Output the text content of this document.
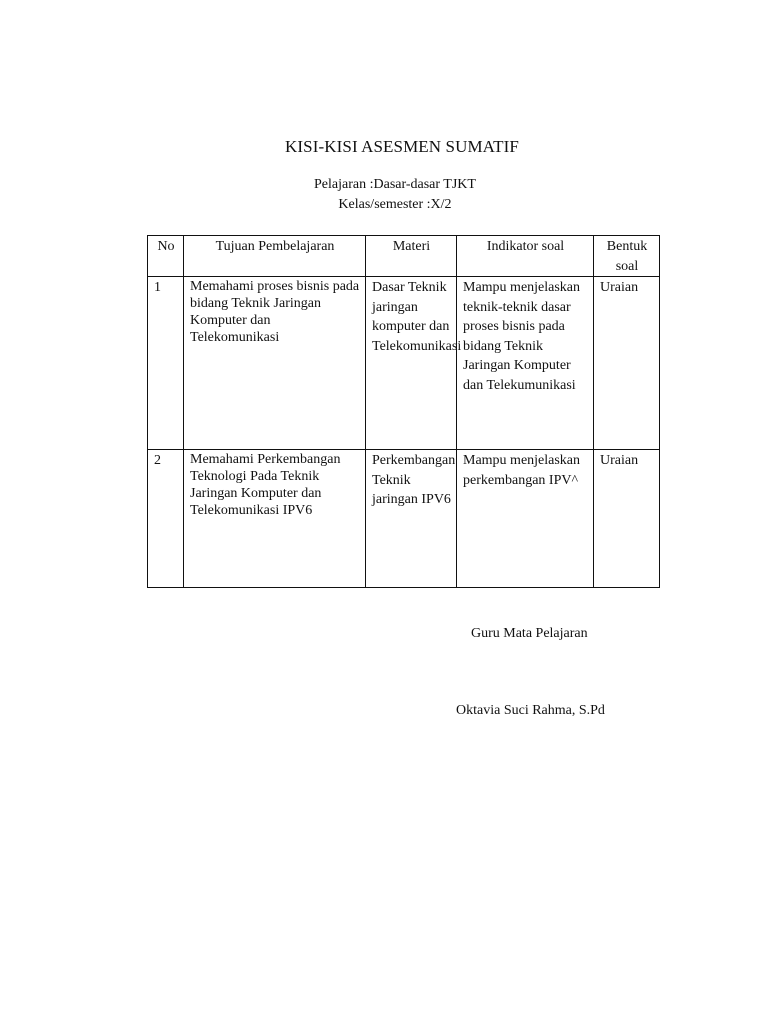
KISI-KISI ASESMEN SUMATIF
Pelajaran :Dasar-dasar TJKT
Kelas/semester :X/2
No	Tujuan Pembelajaran	Materi	Indikator soal	Bentuk soal
1	Memahami proses bisnis pada bidang Teknik Jaringan Komputer dan Telekomunikasi	Dasar Teknik jaringan komputer dan Telekomunikasi	Mampu menjelaskan teknik-teknik dasar proses bisnis pada bidang Teknik Jaringan Komputer dan Telekumunikasi	Uraian
2	Memahami Perkembangan Teknologi Pada Teknik Jaringan Komputer dan Telekomunikasi IPV6	Perkembangan Teknik jaringan IPV6	Mampu menjelaskan perkembangan IPV^	Uraian
Guru Mata Pelajaran
Oktavia Suci Rahma, S.Pd
